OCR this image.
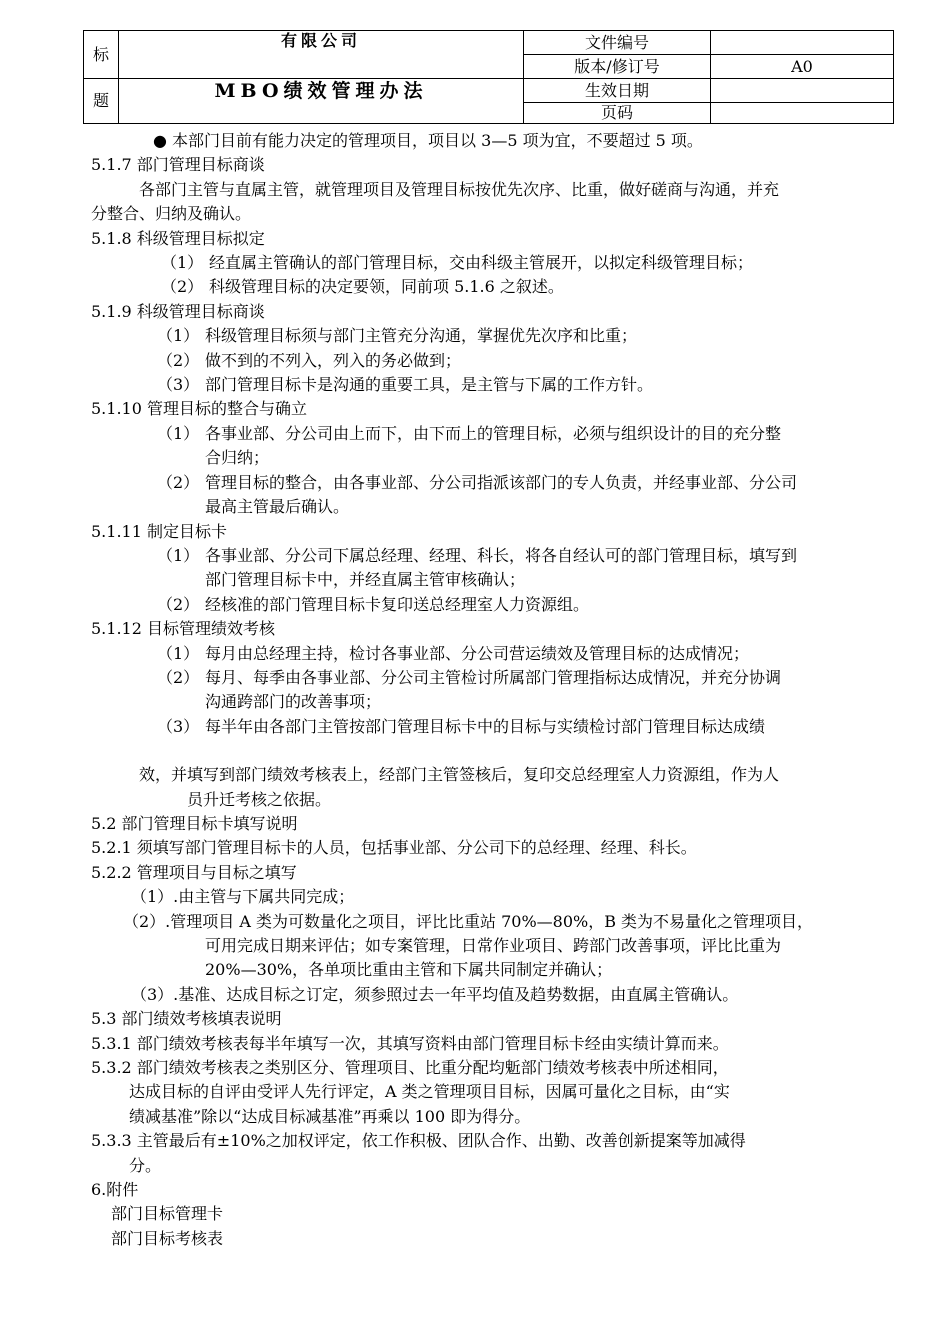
标	有限公司	文件编号	
		版本/修订号	A0
题	MBO绩效管理办法	生效日期	
		页码	

● 本部门目前有能力决定的管理项目，项目以 3—5 项为宜，不要超过 5 项。

5.1.7 部门管理目标商谈

各部门主管与直属主管，就管理项目及管理目标按优先次序、比重，做好磋商与沟通，并充

分整合、归纳及确认。

5.1.8 科级管理目标拟定

（1） 经直属主管确认的部门管理目标，交由科级主管展开，以拟定科级管理目标；
（2） 科级管理目标的决定要领，同前项 5.1.6 之叙述。

5.1.9 科级管理目标商谈

（1） 科级管理目标须与部门主管充分沟通，掌握优先次序和比重；
（2） 做不到的不列入，列入的务必做到；
（3） 部门管理目标卡是沟通的重要工具，是主管与下属的工作方针。

5.1.10 管理目标的整合与确立

（1） 各事业部、分公司由上而下，由下而上的管理目标，必须与组织设计的目的充分整
合归纳；
（2） 管理目标的整合，由各事业部、分公司指派该部门的专人负责，并经事业部、分公司
最高主管最后确认。

5.1.11 制定目标卡

（1） 各事业部、分公司下属总经理、经理、科长，将各自经认可的部门管理目标，填写到
部门管理目标卡中，并经直属主管审核确认；
（2） 经核准的部门管理目标卡复印送总经理室人力资源组。

5.1.12 目标管理绩效考核

（1） 每月由总经理主持，检讨各事业部、分公司营运绩效及管理目标的达成情况；
（2） 每月、每季由各事业部、分公司主管检讨所属部门管理指标达成情况，并充分协调
沟通跨部门的改善事项；
（3） 每半年由各部门主管按部门管理目标卡中的目标与实绩检讨部门管理目标达成绩

效，并填写到部门绩效考核表上，经部门主管签核后，复印交总经理室人力资源组，作为人

员升迁考核之依据。

5.2 部门管理目标卡填写说明

5.2.1 须填写部门管理目标卡的人员，包括事业部、分公司下的总经理、经理、科长。

5.2.2 管理项目与目标之填写

（1）.由主管与下属共同完成；

（2）.管理项目 A 类为可数量化之项目，评比比重站 70%—80%，B 类为不易量化之管理项目，

可用完成日期来评估；如专案管理，日常作业项目、跨部门改善事项，评比比重为

20%—30%，各单项比重由主管和下属共同制定并确认；

（3）.基准、达成目标之订定，须参照过去一年平均值及趋势数据，由直属主管确认。

5.3 部门绩效考核填表说明

5.3.1 部门绩效考核表每半年填写一次，其填写资料由部门管理目标卡经由实绩计算而来。

5.3.2 部门绩效考核表之类别区分、管理项目、比重分配均鬿部门绩效考核表中所述相同，

达成目标的自评由受评人先行评定，A 类之管理项目目标，因属可量化之目标，由“实

绩减基准”除以“达成目标减基准”再乘以 100 即为得分。

5.3.3 主管最后有±10%之加权评定，依工作积极、团队合作、出勤、改善创新提案等加减得

分。

6.附件

部门目标管理卡

部门目标考核表
